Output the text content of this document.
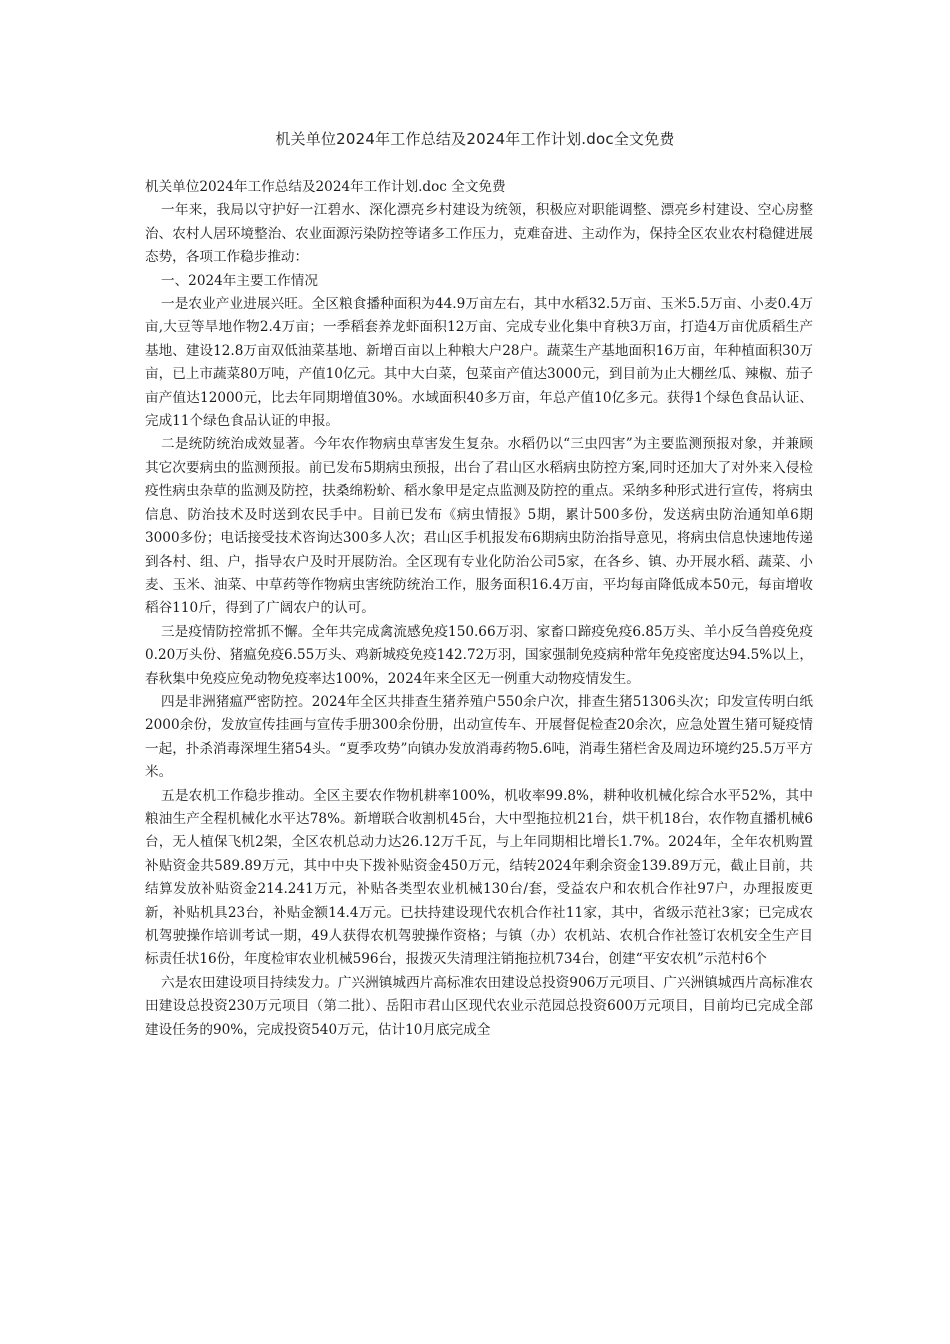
机关单位2024年工作总结及2024年工作计划.doc全文免费

机关单位2024年工作总结及2024年工作计划.doc 全文免费

一年来，我局以守护好一江碧水、深化漂亮乡村建设为统领，积极应对职能调整、漂亮乡村建设、空心房整治、农村人居环境整治、农业面源污染防控等诸多工作压力，克难奋进、主动作为，保持全区农业农村稳健进展态势，各项工作稳步推动：

一、2024年主要工作情况

一是农业产业进展兴旺。全区粮食播种面积为44.9万亩左右，其中水稻32.5万亩、玉米5.5万亩、小麦0.4万亩,大豆等旱地作物2.4万亩；一季稻套养龙虾面积12万亩、完成专业化集中育秧3万亩，打造4万亩优质稻生产基地、建设12.8万亩双低油菜基地、新增百亩以上种粮大户28户。蔬菜生产基地面积16万亩，年种植面积30万亩，已上市蔬菜80万吨，产值10亿元。其中大白菜，包菜亩产值达3000元，到目前为止大棚丝瓜、辣椒、茄子亩产值达12000元，比去年同期增值30%。水域面积40多万亩，年总产值10亿多元。获得1个绿色食品认证、完成11个绿色食品认证的申报。

二是统防统治成效显著。今年农作物病虫草害发生复杂。水稻仍以“三虫四害”为主要监测预报对象，并兼顾其它次要病虫的监测预报。前已发布5期病虫预报，出台了君山区水稻病虫防控方案,同时还加大了对外来入侵检疫性病虫杂草的监测及防控，扶桑绵粉蚧、稻水象甲是定点监测及防控的重点。采纳多种形式进行宣传，将病虫信息、防治技术及时送到农民手中。目前已发布《病虫情报》5期，累计500多份，发送病虫防治通知单6期3000多份；电话接受技术咨询达300多人次；君山区手机报发布6期病虫防治指导意见，将病虫信息快速地传递到各村、组、户，指导农户及时开展防治。全区现有专业化防治公司5家，在各乡、镇、办开展水稻、蔬菜、小麦、玉米、油菜、中草药等作物病虫害统防统治工作，服务面积16.4万亩，平均每亩降低成本50元，每亩增收稻谷110斤，得到了广阔农户的认可。

三是疫情防控常抓不懈。全年共完成禽流感免疫150.66万羽、家畜口蹄疫免疫6.85万头、羊小反刍兽疫免疫0.20万头份、猪瘟免疫6.55万头、鸡新城疫免疫142.72万羽，国家强制免疫病种常年免疫密度达94.5%以上，春秋集中免疫应免动物免疫率达100%，2024年来全区无一例重大动物疫情发生。

四是非洲猪瘟严密防控。2024年全区共排查生猪养殖户550余户次，排查生猪51306头次；印发宣传明白纸2000余份，发放宣传挂画与宣传手册300余份册，出动宣传车、开展督促检查20余次，应急处置生猪可疑疫情一起，扑杀消毒深埋生猪54头。“夏季攻势”向镇办发放消毒药物5.6吨，消毒生猪栏舍及周边环境约25.5万平方米。

五是农机工作稳步推动。全区主要农作物机耕率100%，机收率99.8%，耕种收机械化综合水平52%，其中粮油生产全程机械化水平达78%。新增联合收割机45台，大中型拖拉机21台，烘干机18台，农作物直播机械6台，无人植保飞机2架，全区农机总动力达26.12万千瓦，与上年同期相比增长1.7%。2024年，全年农机购置补贴资金共589.89万元，其中中央下拨补贴资金450万元，结转2024年剩余资金139.89万元，截止目前，共结算发放补贴资金214.241万元，补贴各类型农业机械130台/套，受益农户和农机合作社97户，办理报废更新，补贴机具23台，补贴金额14.4万元。已扶持建设现代农机合作社11家，其中，省级示范社3家；已完成农机驾驶操作培训考试一期，49人获得农机驾驶操作资格；与镇（办）农机站、农机合作社签订农机安全生产目标责任状16份，年度检审农业机械596台，报拨灭失清理注销拖拉机734台，创建“平安农机”示范村6个

六是农田建设项目持续发力。广兴洲镇城西片高标准农田建设总投资906万元项目、广兴洲镇城西片高标准农田建设总投资230万元项目（第二批）、岳阳市君山区现代农业示范园总投资600万元项目，目前均已完成全部建设任务的90%，完成投资540万元，估计10月底完成全
